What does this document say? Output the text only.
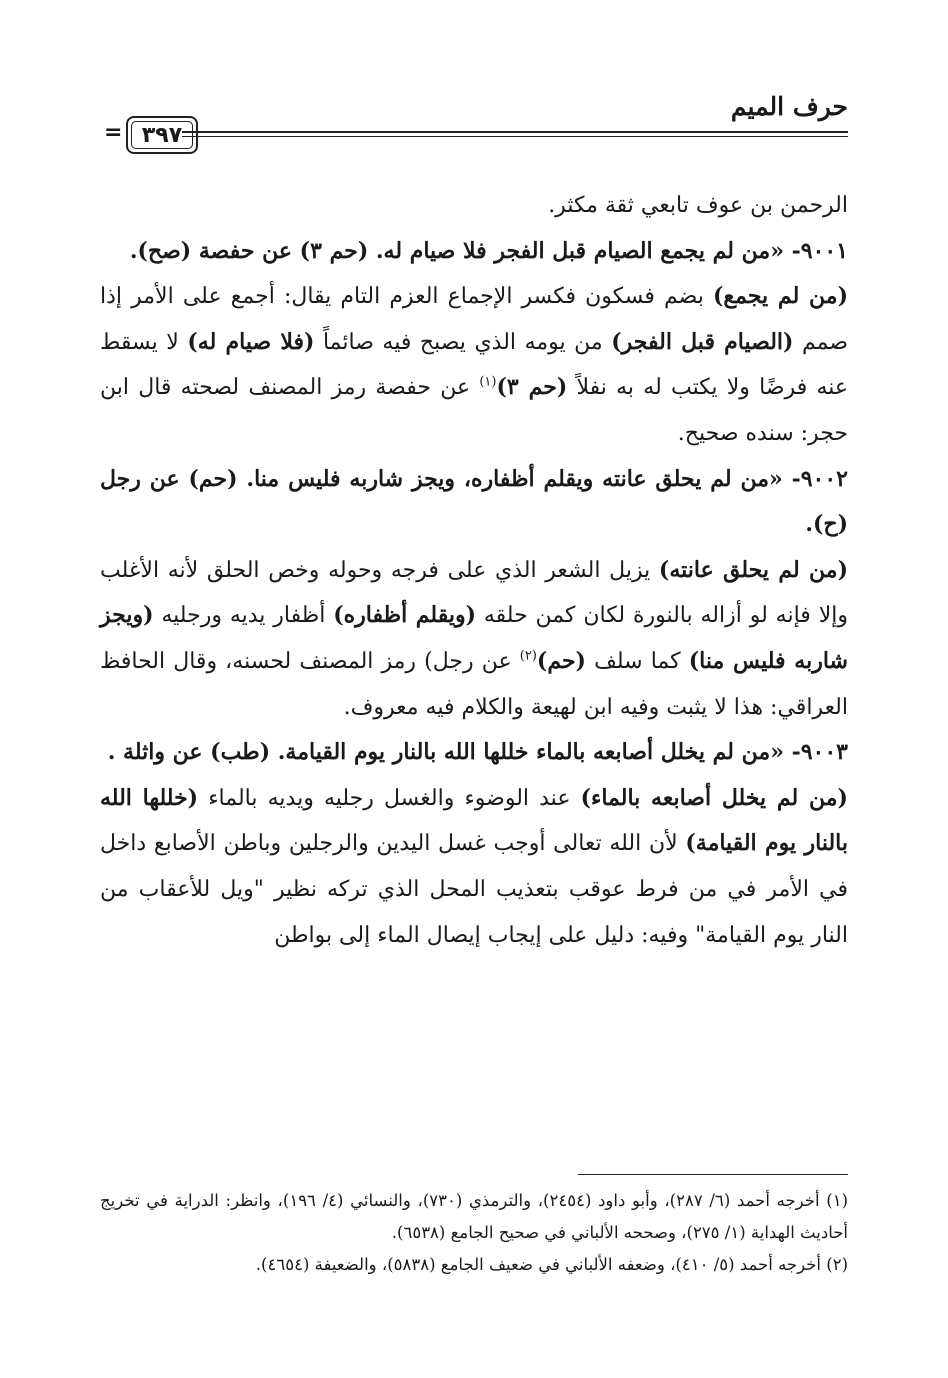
حرف الميم
٣٩٧
=

الرحمن بن عوف تابعي ثقة مكثر.

٩٠٠١- «من لم يجمع الصيام قبل الفجر فلا صيام له. (حم ٣) عن حفصة (صح).

(من لم يجمع) بضم فسكون فكسر الإجماع العزم التام يقال: أجمع على الأمر إذا صمم (الصيام قبل الفجر) من يومه الذي يصبح فيه صائماً (فلا صيام له) لا يسقط عنه فرضًا ولا يكتب له به نفلاً (حم ٣)$^{(١)}$ عن حفصة رمز المصنف لصحته قال ابن حجر: سنده صحيح.

٩٠٠٢- «من لم يحلق عانته ويقلم أظفاره، ويجز شاربه فليس منا. (حم) عن رجل (ح).

(من لم يحلق عانته) يزيل الشعر الذي على فرجه وحوله وخص الحلق لأنه الأغلب وإلا فإنه لو أزاله بالنورة لكان كمن حلقه (ويقلم أظفاره) أظفار يديه ورجليه (ويجز شاربه فليس منا) كما سلف (حم)$^{(٢)}$ عن رجل) رمز المصنف لحسنه، وقال الحافظ العراقي: هذا لا يثبت وفيه ابن لهيعة والكلام فيه معروف.

٩٠٠٣- «من لم يخلل أصابعه بالماء خللها الله بالنار يوم القيامة. (طب) عن واثلة .

(من لم يخلل أصابعه بالماء) عند الوضوء والغسل رجليه ويديه بالماء (خللها الله بالنار يوم القيامة) لأن الله تعالى أوجب غسل اليدين والرجلين وباطن الأصابع داخل في الأمر في من فرط عوقب بتعذيب المحل الذي تركه نظير "ويل للأعقاب من النار يوم القيامة" وفيه: دليل على إيجاب إيصال الماء إلى بواطن

(١) أخرجه أحمد (٦/ ٢٨٧)، وأبو داود (٢٤٥٤)، والترمذي (٧٣٠)، والنسائي (٤/ ١٩٦)، وانظر: الدراية في تخريج أحاديث الهداية (١/ ٢٧٥)، وصححه الألباني في صحيح الجامع (٦٥٣٨).

(٢) أخرجه أحمد (٥/ ٤١٠)، وضعفه الألباني في ضعيف الجامع (٥٨٣٨)، والضعيفة (٤٦٥٤).
